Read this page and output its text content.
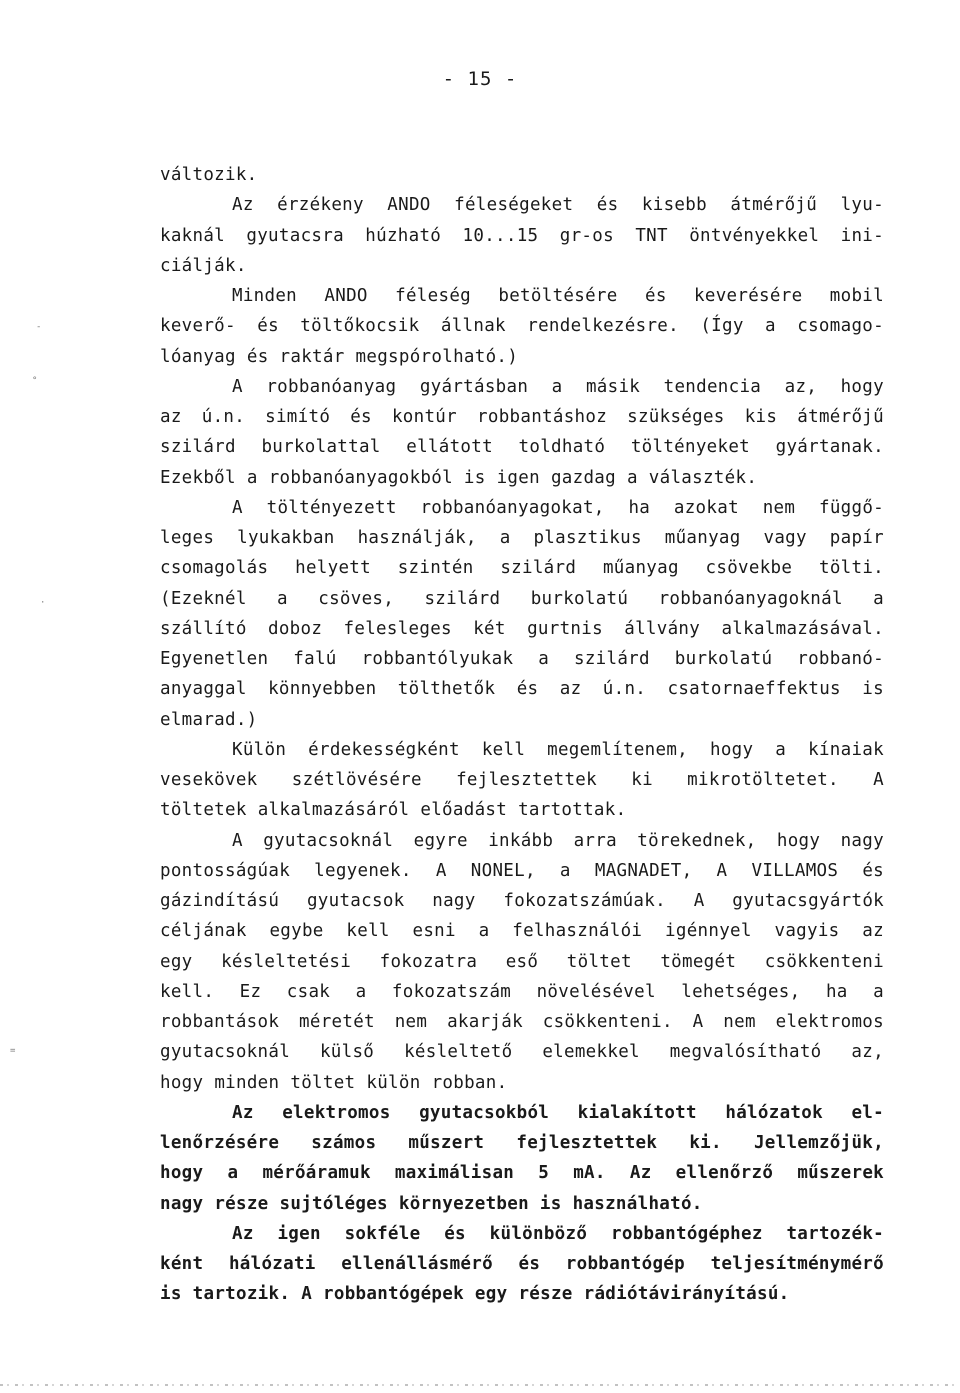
- 15 -
változik.
Az érzékeny ANDO féleségeket és kisebb átmérőjű lyu-
kaknál gyutacsra húzható 10...15 gr-os TNT öntvényekkel ini-
ciálják.
Minden ANDO féleség betöltésére és keverésére mobil
keverő- és töltőkocsik állnak rendelkezésre. (Így a csomago-
lóanyag és raktár megspórolható.)
A robbanóanyag gyártásban a másik tendencia az, hogy
az ú.n. simító és kontúr robbantáshoz szükséges kis átmérőjű
szilárd burkolattal ellátott toldható töltényeket gyártanak.
Ezekből a robbanóanyagokból is igen gazdag a választék.
A töltényezett robbanóanyagokat, ha azokat nem függő-
leges lyukakban használják, a plasztikus műanyag vagy papír
csomagolás helyett szintén szilárd műanyag csövekbe tölti.
(Ezeknél a csöves, szilárd burkolatú robbanóanyagoknál a
szállító doboz felesleges két gurtnis állvány alkalmazásával.
Egyenetlen falú robbantólyukak a szilárd burkolatú robbanó-
anyaggal könnyebben tölthetők és az ú.n. csatornaeffektus is
elmarad.)
Külön érdekességként kell megemlítenem, hogy a kínaiak
vesekövek szétlövésére fejlesztettek ki mikrotöltetet. A
töltetek alkalmazásáról előadást tartottak.
A gyutacsoknál egyre inkább arra törekednek, hogy nagy
pontosságúak legyenek. A NONEL, a MAGNADET, A VILLAMOS és
gázindítású gyutacsok nagy fokozatszámúak. A gyutacsgyártók
céljának egybe kell esni a felhasználói igénnyel vagyis az
egy késleltetési fokozatra eső töltet tömegét csökkenteni
kell. Ez csak a fokozatszám növelésével lehetséges, ha a
robbantások méretét nem akarják csökkenteni. A nem elektromos
gyutacsoknál külső késleltető elemekkel megvalósítható az,
hogy minden töltet külön robban.
Az elektromos gyutacsokból kialakított hálózatok el-
lenőrzésére számos műszert fejlesztettek ki. Jellemzőjük,
hogy a mérőáramuk maximálisan 5 mA. Az ellenőrző műszerek
nagy része sujtóléges környezetben is használható.
Az igen sokféle és különböző robbantógéphez tartozék-
ként hálózati ellenállásmérő és robbantógép teljesítménymérő
is tartozik. A robbantógépek egy része rádiótávirányítású.
-
°
·
=
